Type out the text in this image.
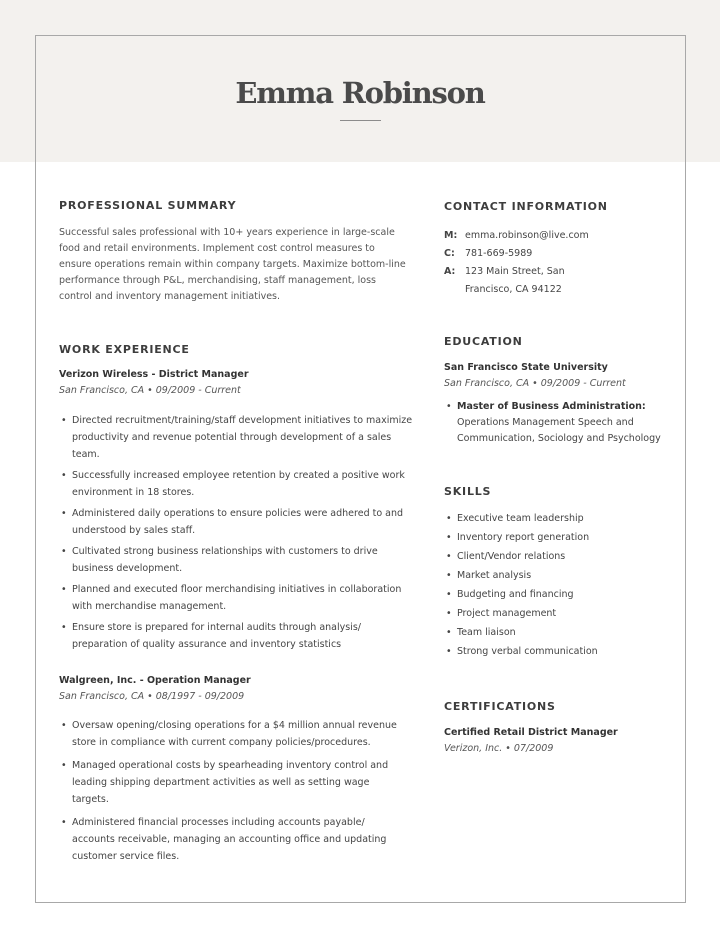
Emma Robinson
PROFESSIONAL SUMMARY
Successful sales professional with 10+ years experience in large-scale food and retail environments. Implement cost control measures to ensure operations remain within company targets. Maximize bottom-line performance through P&L, merchandising, staff management, loss control and inventory management initiatives.
WORK EXPERIENCE
Verizon Wireless - District Manager
San Francisco, CA • 09/2009 - Current
• Directed recruitment/training/staff development initiatives to maximize productivity and revenue potential through development of a sales team.
• Successfully increased employee retention by created a positive work environment in 18 stores.
• Administered daily operations to ensure policies were adhered to and understood by sales staff.
• Cultivated strong business relationships with customers to drive business development.
• Planned and executed floor merchandising initiatives in collaboration with merchandise management.
• Ensure store is prepared for internal audits through analysis/ preparation of quality assurance and inventory statistics
Walgreen, Inc. - Operation Manager
San Francisco, CA • 08/1997 - 09/2009
• Oversaw opening/closing operations for a $4 million annual revenue store in compliance with current company policies/procedures.
• Managed operational costs by spearheading inventory control and leading shipping department activities as well as setting wage targets.
• Administered financial processes including accounts payable/ accounts receivable, managing an accounting office and updating customer service files.
CONTACT INFORMATION
M: emma.robinson@live.com
C:	781-669-5989
A:	123 Main Street, San Francisco, CA 94122
EDUCATION
San Francisco State University
San Francisco, CA • 09/2009 - Current
• Master of Business Administration:
Operations Management Speech and Communication, Sociology and Psychology
SKILLS
• Executive team leadership
• Inventory report generation
• Client/Vendor relations
• Market analysis
• Budgeting and financing
• Project management
• Team liaison
• Strong verbal communication
CERTIFICATIONS
Certified Retail District Manager
Verizon, Inc. • 07/2009
